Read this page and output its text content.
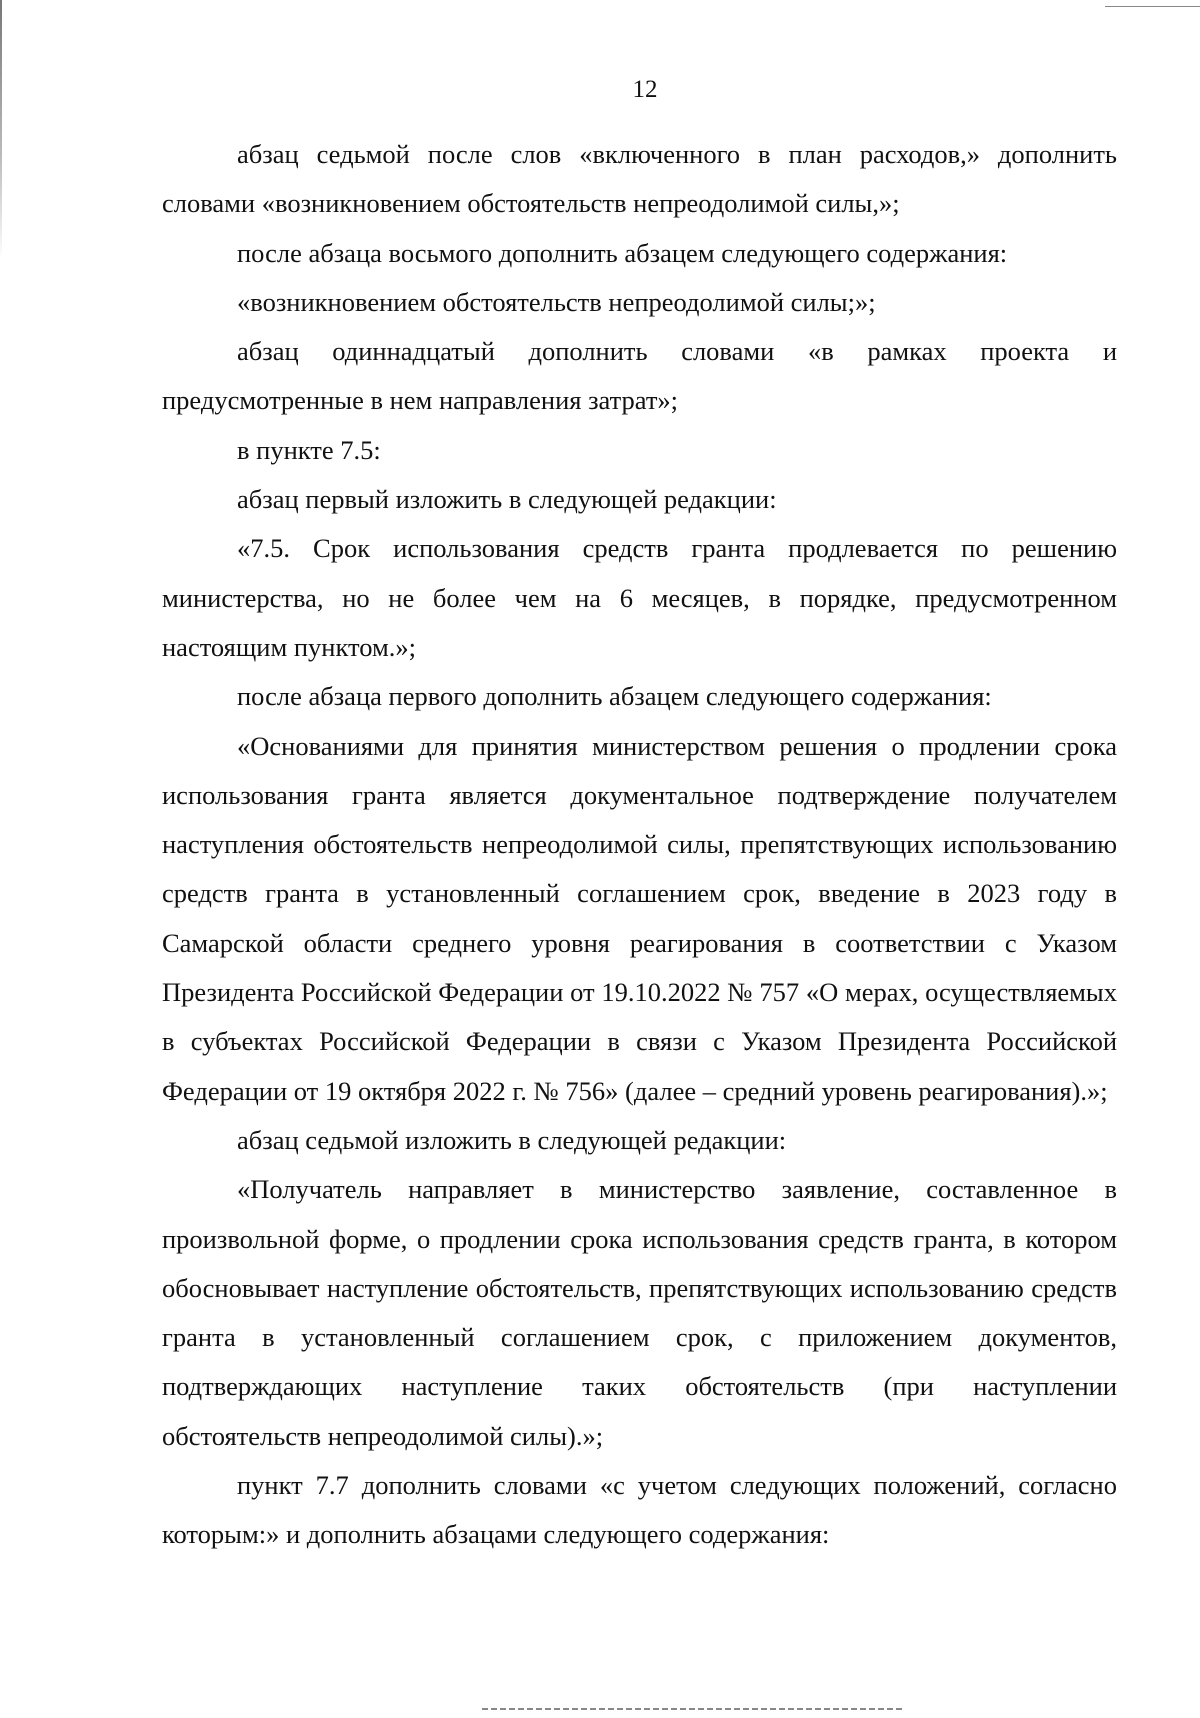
12

абзац седьмой после слов «включенного в план расходов,» дополнить словами «возникновением обстоятельств непреодолимой силы,»;

после абзаца восьмого дополнить абзацем следующего содержания:

«возникновением обстоятельств непреодолимой силы;»;

абзац одиннадцатый дополнить словами «в рамках проекта и предусмотренные в нем направления затрат»;

в пункте 7.5:

абзац первый изложить в следующей редакции:

«7.5. Срок использования средств гранта продлевается по решению министерства, но не более чем на 6 месяцев, в порядке, предусмотренном настоящим пунктом.»;

после абзаца первого дополнить абзацем следующего содержания:

«Основаниями для принятия министерством решения о продлении срока использования гранта является документальное подтверждение получателем наступления обстоятельств непреодолимой силы, препятствующих использованию средств гранта в установленный соглашением срок, введение в 2023 году в Самарской области среднего уровня реагирования в соответствии с Указом Президента Российской Федерации от 19.10.2022 № 757 «О мерах, осуществляемых в субъектах Российской Федерации в связи с Указом Президента Российской Федерации от 19 октября 2022 г. № 756» (далее – средний уровень реагирования).»;

абзац седьмой изложить в следующей редакции:

«Получатель направляет в министерство заявление, составленное в произвольной форме, о продлении срока использования средств гранта, в котором обосновывает наступление обстоятельств, препятствующих использованию средств гранта в установленный соглашением срок, с приложением документов, подтверждающих наступление таких обстоятельств (при наступлении обстоятельств непреодолимой силы).»;

пункт 7.7 дополнить словами «с учетом следующих положений, согласно которым:» и дополнить абзацами следующего содержания:
